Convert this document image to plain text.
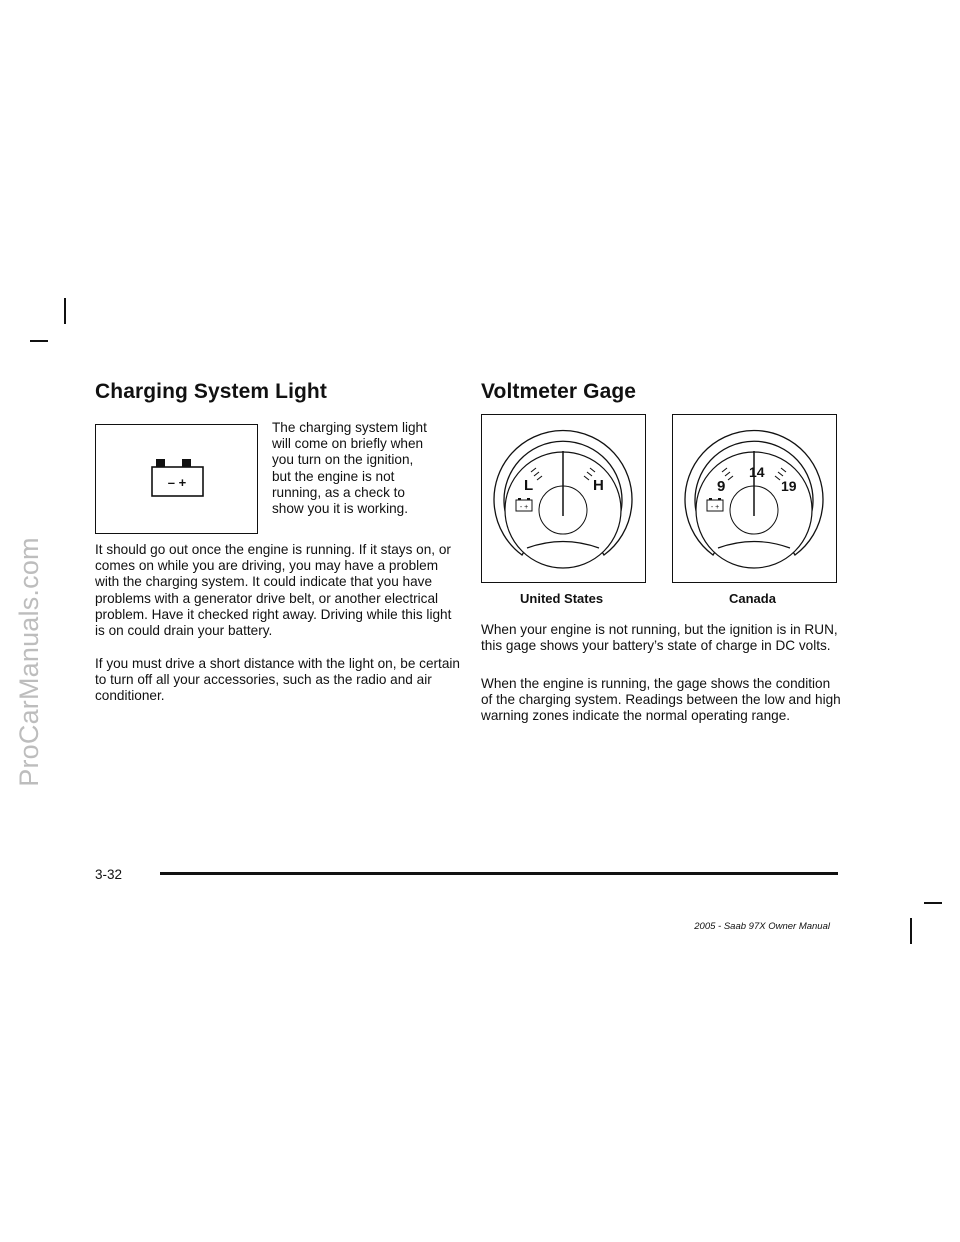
ProCarManuals.com
Charging System Light
– +
The charging system light
will come on briefly when
you turn on the ignition,
but the engine is not
running, as a check to
show you it is working.

It should go out once the engine is running. If it stays on, or comes on while you are driving, you may have a problem with the charging system. It could indicate that you have problems with a generator drive belt, or another electrical problem. Have it checked right away. Driving while this light is on could drain your battery.

If you must drive a short distance with the light on, be certain to turn off all your accessories, such as the radio and air conditioner.

Voltmeter Gage
L	H
- +
United States
14
9	19
- +
Canada

When your engine is not running, but the ignition is in RUN, this gage shows your battery’s state of charge in DC volts.

When the engine is running, the gage shows the condition of the charging system. Readings between the low and high warning zones indicate the normal operating range.

3-32
2005 - Saab 97X Owner Manual
